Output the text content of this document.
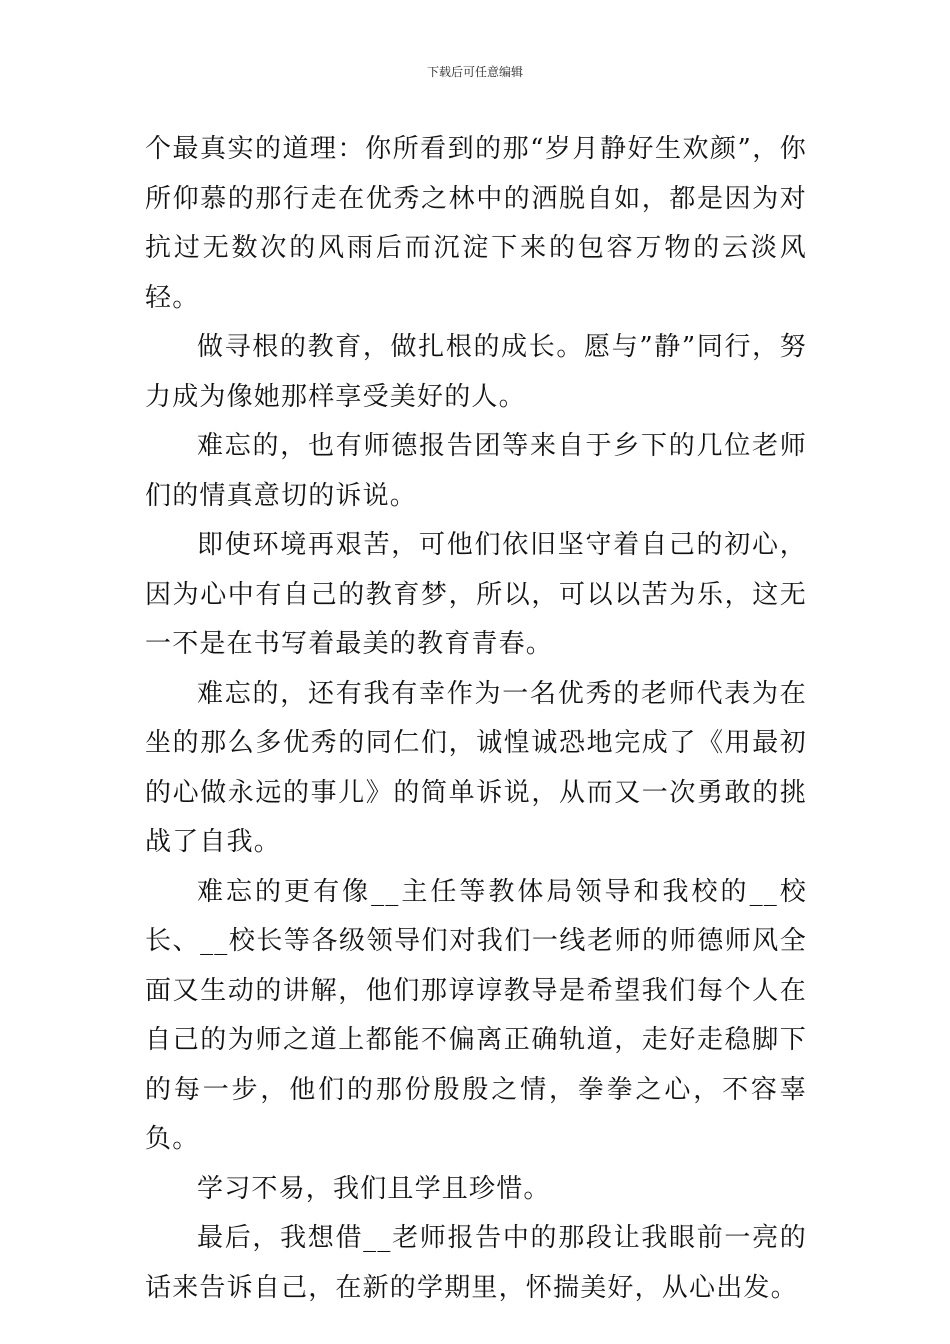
下载后可任意编辑

个最真实的道理：你所看到的那“岁月静好生欢颜”，你所仰慕的那行走在优秀之林中的洒脱自如，都是因为对抗过无数次的风雨后而沉淀下来的包容万物的云淡风轻。

做寻根的教育，做扎根的成长。愿与”静”同行，努力成为像她那样享受美好的人。

难忘的，也有师德报告团等来自于乡下的几位老师们的情真意切的诉说。

即使环境再艰苦，可他们依旧坚守着自己的初心，因为心中有自己的教育梦，所以，可以以苦为乐，这无一不是在书写着最美的教育青春。

难忘的，还有我有幸作为一名优秀的老师代表为在坐的那么多优秀的同仁们，诚惶诚恐地完成了《用最初的心做永远的事儿》的简单诉说，从而又一次勇敢的挑战了自我。

难忘的更有像__主任等教体局领导和我校的__校长、__校长等各级领导们对我们一线老师的师德师风全面又生动的讲解，他们那谆谆教导是希望我们每个人在自己的为师之道上都能不偏离正确轨道，走好走稳脚下的每一步，他们的那份殷殷之情，拳拳之心，不容辜负。

学习不易，我们且学且珍惜。

最后，我想借__老师报告中的那段让我眼前一亮的话来告诉自己，在新的学期里，怀揣美好，从心出发。
